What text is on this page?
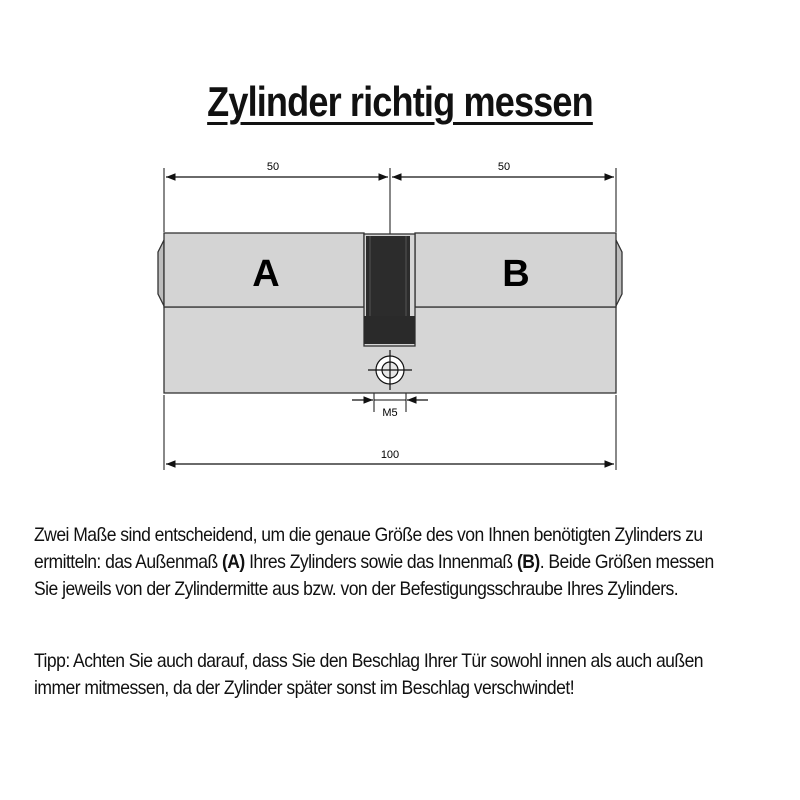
Zylinder richtig messen
50	50
M5
A	B
100

Zwei Maße sind entscheidend, um die genaue Größe des von Ihnen benötigten Zylinders zu

ermitteln: das Außenmaß (A) Ihres Zylinders sowie das Innenmaß (B). Beide Größen messen

Sie jeweils von der Zylindermitte aus bzw. von der Befestigungsschraube Ihres Zylinders.

Tipp: Achten Sie auch darauf, dass Sie den Beschlag Ihrer Tür sowohl innen als auch außen

immer mitmessen, da der Zylinder später sonst im Beschlag verschwindet!
